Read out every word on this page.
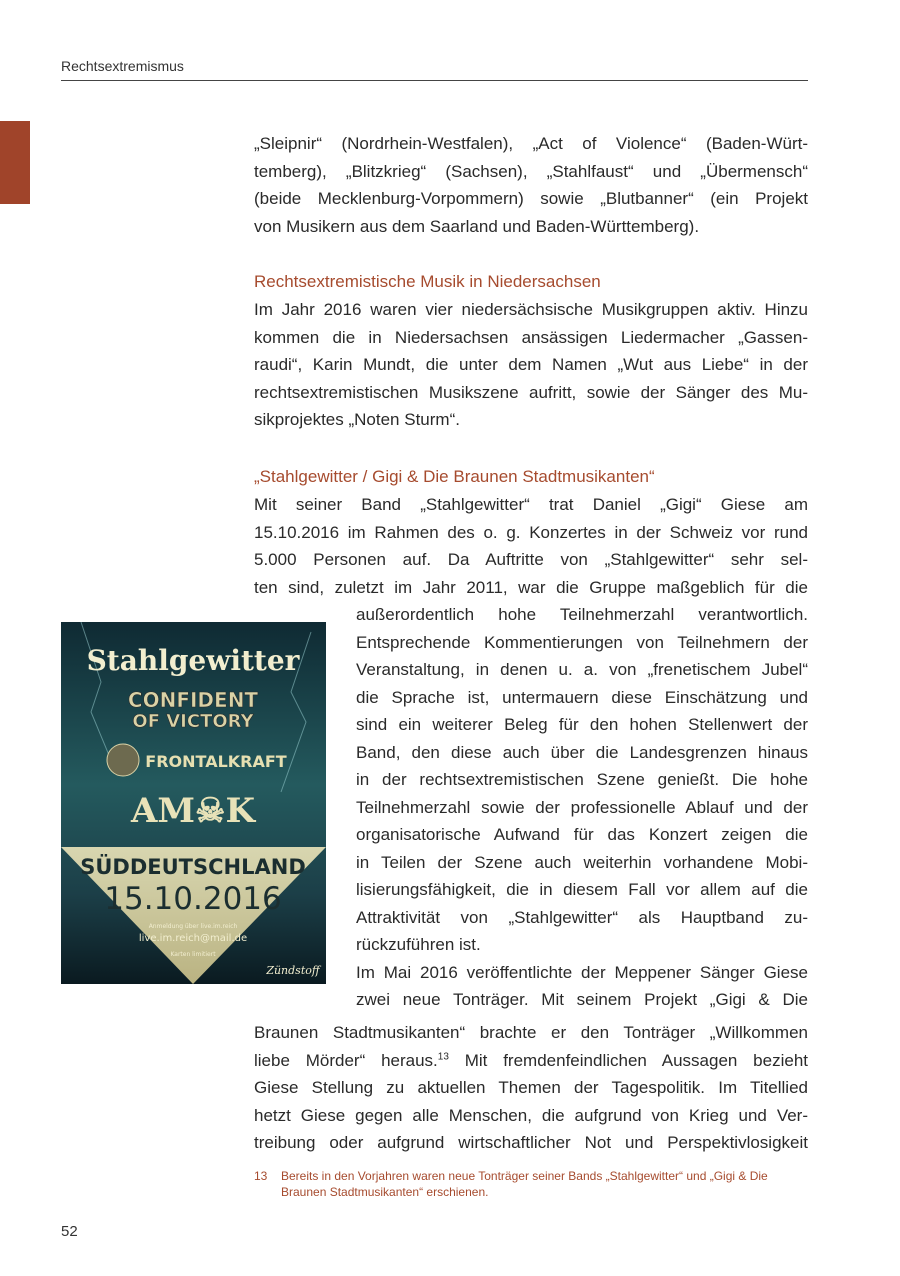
Rechtsextremismus
„Sleipnir“ (Nordrhein-Westfalen), „Act of Violence“ (Baden-Würt-
temberg), „Blitzkrieg“ (Sachsen), „Stahlfaust“ und „Übermensch“
(beide Mecklenburg-Vorpommern) sowie „Blutbanner“ (ein Projekt
von Musikern aus dem Saarland und Baden-Württemberg).
Rechtsextremistische Musik in Niedersachsen
Im Jahr 2016 waren vier niedersächsische Musikgruppen aktiv. Hinzu
kommen die in Niedersachsen ansässigen Liedermacher „Gassen-
raudi“, Karin Mundt, die unter dem Namen „Wut aus Liebe“ in der
rechtsextremistischen Musikszene aufritt, sowie der Sänger des Mu-
sikprojektes „Noten Sturm“.
„Stahlgewitter / Gigi & Die Braunen Stadtmusikanten“
Mit seiner Band „Stahlgewitter“ trat Daniel „Gigi“ Giese am
15.10.2016 im Rahmen des o. g. Konzertes in der Schweiz vor rund
5.000 Personen auf. Da Auftritte von „Stahlgewitter“ sehr sel-
ten sind, zuletzt im Jahr 2011, war die Gruppe maßgeblich für die
außerordentlich hohe Teilnehmerzahl verantwortlich.
Entsprechende Kommentierungen von Teilnehmern der
Veranstaltung, in denen u. a. von „frenetischem Jubel“
die Sprache ist, untermauern diese Einschätzung und
sind ein weiterer Beleg für den hohen Stellenwert der
Band, den diese auch über die Landesgrenzen hinaus
in der rechtsextremistischen Szene genießt. Die hohe
Teilnehmerzahl sowie der professionelle Ablauf und der
organisatorische Aufwand für das Konzert zeigen die
in Teilen der Szene auch weiterhin vorhandene Mobi-
lisierungsfähigkeit, die in diesem Fall vor allem auf die
Attraktivität von „Stahlgewitter“ als Hauptband zu-
rückzuführen ist.
Im Mai 2016 veröffentlichte der Meppener Sänger Giese
zwei neue Tonträger. Mit seinem Projekt „Gigi & Die
Braunen Stadtmusikanten“ brachte er den Tonträger „Willkommen
liebe Mörder“ heraus.$^{13}$ Mit fremdenfeindlichen Aussagen bezieht
Giese Stellung zu aktuellen Themen der Tagespolitik. Im Titellied
hetzt Giese gegen alle Menschen, die aufgrund von Krieg und Ver-
treibung oder aufgrund wirtschaftlicher Not und Perspektivlosigkeit
Stahlgewitter
CONFIDENT
OF VICTORY
FRONTALKRAFT
AM☠K
SÜDDEUTSCHLAND
15.10.2016
Anmeldung über live.im.reich
live.im.reich@mail.de
Karten limitiert
Zündstoff
13 Bereits in den Vorjahren waren neue Tonträger seiner Bands „Stahlgewitter“ und „Gigi & Die Braunen Stadtmusikanten“ erschienen.
52
